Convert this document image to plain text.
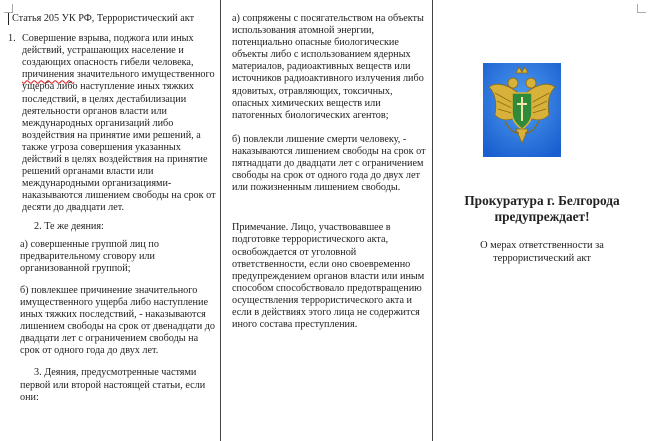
Статья 205 УК РФ, Террористический акт
1. Совершение взрыва, поджога или иных действий, устрашающих население и создающих опасность гибели человека, причинения значительного имущественного ущерба либо наступление иных тяжких последствий, в целях дестабилизации деятельности органов власти или международных организаций либо воздействия на принятие ими решений, а также угроза совершения указанных действий в целях воздействия на принятие решений органами власти или международными организациями-наказываются лишением свободы на срок от десяти до двадцати лет.
2. Те же деяния:
а) совершенные группой лиц по предварительному сговору или организованной группой;
б) повлекшее причинение значительного имущественного ущерба либо наступление иных тяжких последствий, - наказываются лишением свободы на срок от двенадцати до двадцати лет с ограничением свободы на срок от одного года до двух лет.
3. Деяния, предусмотренные частями первой или второй настоящей статьи, если они:
а) сопряжены с посягательством на объекты использования атомной энергии, потенциально опасные биологические объекты либо с использованием ядерных материалов, радиоактивных веществ или источников радиоактивного излучения либо ядовитых, отравляющих, токсичных, опасных химических веществ или патогенных биологических агентов;
б) повлекли лишение смерти человеку, - наказываются лишением свободы на срок от пятнадцати до двадцати лет с ограничением свободы на срок от одного года до двух лет или пожизненным лишением свободы.
Примечание. Лицо, участвовавшее в подготовке террористического акта, освобождается от уголовной ответственности, если оно своевременно предупреждением органов власти или иным способом способствовало предотвращению осуществления террористического акта и если в действиях этого лица не содержится иного состава преступления.
Прокуратура г. Белгорода предупреждает!
О мерах ответственности за террористический акт
